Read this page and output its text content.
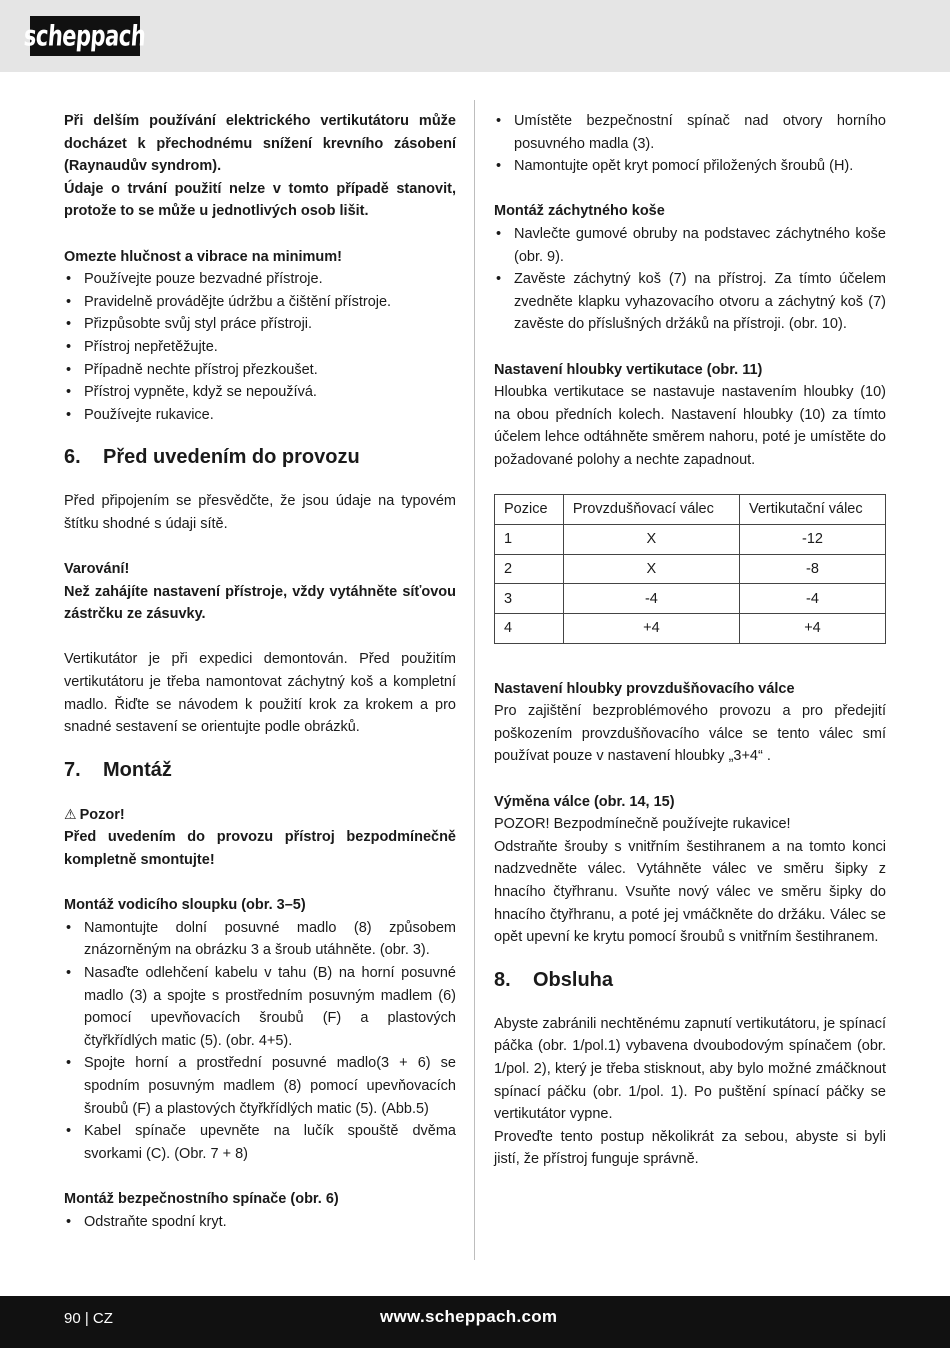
scheppach

Při delším používání elektrického vertikutátoru může docházet k přechodnému snížení krevního zásobení (Raynaudův syndrom).

Údaje o trvání použití nelze v tomto případě stanovit, protože to se může u jednotlivých osob lišit.

Omezte hlučnost a vibrace na minimum!

• Používejte pouze bezvadné přístroje.
• Pravidelně provádějte údržbu a čištění přístroje.
• Přizpůsobte svůj styl práce přístroji.
• Přístroj nepřetěžujte.
• Případně nechte přístroj přezkoušet.
• Přístroj vypněte, když se nepoužívá.
• Používejte rukavice.
6.	Před uvedením do provozu

Před připojením se přesvědčte, že jsou údaje na typovém štítku shodné s údaji sítě.

Varování!

Než zahájíte nastavení přístroje, vždy vytáhněte síťovou zástrčku ze zásuvky.

Vertikutátor je při expedici demontován. Před použitím vertikutátoru je třeba namontovat záchytný koš a kompletní madlo. Řiďte se návodem k použití krok za krokem a pro snadné sestavení se orientujte podle obrázků.

7.	Montáž

⚠ Pozor!

Před uvedením do provozu přístroj bezpodmínečně kompletně smontujte!

Montáž vodicího sloupku (obr. 3–5)

• Namontujte dolní posuvné madlo (8) způsobem znázorněným na obrázku 3 a šroub utáhněte. (obr. 3).
• Nasaďte odlehčení kabelu v tahu (B) na horní posuvné madlo (3) a spojte s prostředním posuvným madlem (6) pomocí upevňovacích šroubů (F) a plastových čtyřkřídlých matic (5). (obr. 4+5).
• Spojte horní a prostřední posuvné madlo(3 + 6) se spodním posuvným madlem (8) pomocí upevňovacích šroubů (F) a plastových čtyřkřídlých matic (5). (Abb.5)
• Kabel spínače upevněte na lučík spouště dvěma svorkami (C). (Obr. 7 + 8)

Montáž bezpečnostního spínače (obr. 6)

• Odstraňte spodní kryt.
• Umístěte bezpečnostní spínač nad otvory horního posuvného madla (3).
• Namontujte opět kryt pomocí přiložených šroubů (H).

Montáž záchytného koše

• Navlečte gumové obruby na podstavec záchytného koše (obr. 9).
• Zavěste záchytný koš (7) na přístroj. Za tímto účelem zvedněte klapku vyhazovacího otvoru a záchytný koš (7) zavěste do příslušných držáků na přístroji. (obr. 10).

Nastavení hloubky vertikutace (obr. 11)

Hloubka vertikutace se nastavuje nastavením hloubky (10) na obou předních kolech. Nastavení hloubky (10) za tímto účelem lehce odtáhněte směrem nahoru, poté je umístěte do požadované polohy a nechte zapadnout.

Pozice	Provzdušňovací válec	Vertikutační válec
1	X	-12
2	X	-8
3	-4	-4
4	+4	+4

Nastavení hloubky provzdušňovacího válce

Pro zajištění bezproblémového provozu a pro předejití poškozením provzdušňovacího válce se tento válec smí používat pouze v nastavení hloubky „3+4“ .

Výměna válce (obr. 14, 15)

POZOR! Bezpodmínečně používejte rukavice!

Odstraňte šrouby s vnitřním šestihranem a na tomto konci nadzvedněte válec. Vytáhněte válec ve směru šipky z hnacího čtyřhranu. Vsuňte nový válec ve směru šipky do hnacího čtyřhranu, a poté jej vmáčkněte do držáku. Válec se opět upevní ke krytu pomocí šroubů s vnitřním šestihranem.

8.	Obsluha

Abyste zabránili nechtěnému zapnutí vertikutátoru, je spínací páčka (obr. 1/pol.1) vybavena dvoubodovým spínačem (obr. 1/pol. 2), který je třeba stisknout, aby bylo možné zmáčknout spínací páčku (obr. 1/pol. 1). Po puštění spínací páčky se vertikutátor vypne.

Proveďte tento postup několikrát za sebou, abyste si byli jistí, že přístroj funguje správně.

90 | CZ	www.scheppach.com
